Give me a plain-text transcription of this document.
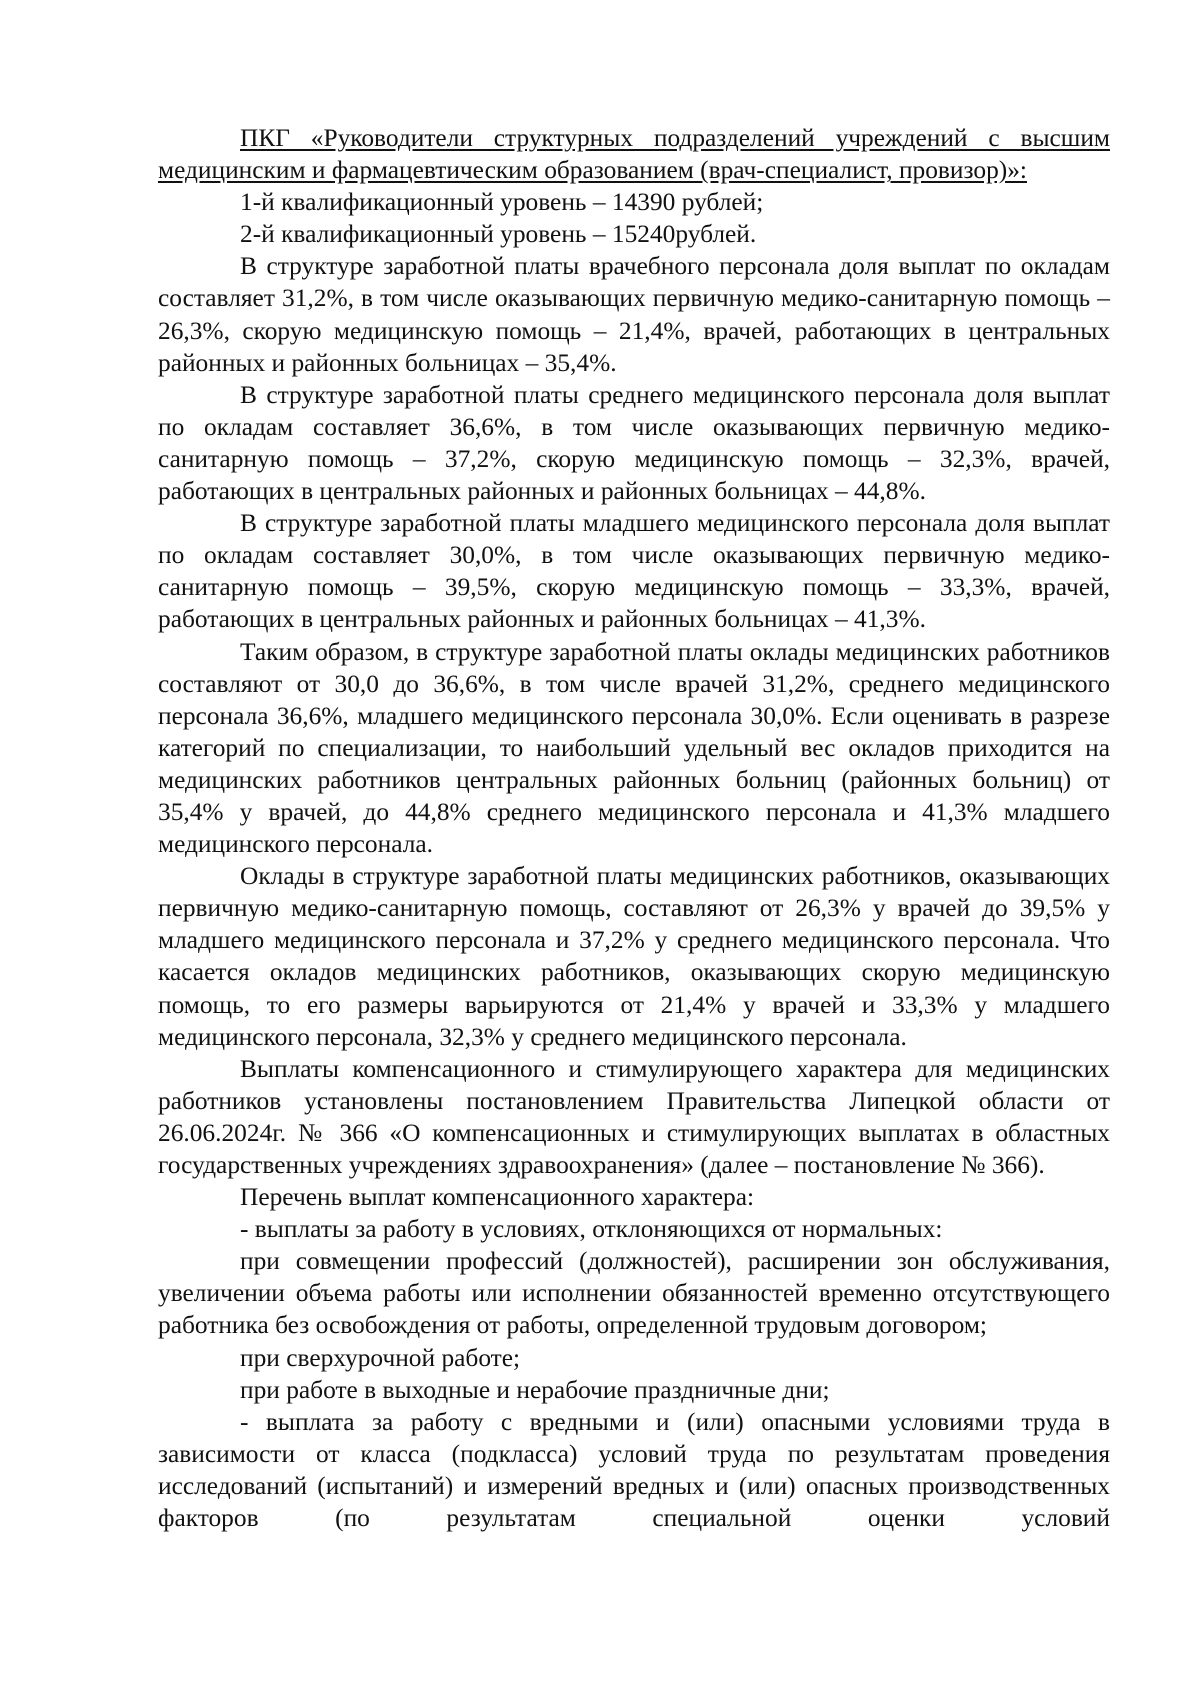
ПКГ «Руководители структурных подразделений учреждений с высшим медицинским и фармацевтическим образованием (врач-специалист, провизор)»:

1-й квалификационный уровень – 14390 рублей;

2-й квалификационный уровень – 15240рублей.

В структуре заработной платы врачебного персонала доля выплат по окладам составляет 31,2%, в том числе оказывающих первичную медико-санитарную помощь – 26,3%, скорую медицинскую помощь – 21,4%, врачей, работающих в центральных районных и районных больницах – 35,4%.

В структуре заработной платы среднего медицинского персонала доля выплат по окладам составляет 36,6%, в том числе оказывающих первичную медико-санитарную помощь – 37,2%, скорую медицинскую помощь – 32,3%, врачей, работающих в центральных районных и районных больницах – 44,8%.

В структуре заработной платы младшего медицинского персонала доля выплат по окладам составляет 30,0%, в том числе оказывающих первичную медико-санитарную помощь – 39,5%, скорую медицинскую помощь – 33,3%, врачей, работающих в центральных районных и районных больницах – 41,3%.

Таким образом, в структуре заработной платы оклады медицинских работников составляют от 30,0 до 36,6%, в том числе врачей 31,2%, среднего медицинского персонала 36,6%, младшего медицинского персонала 30,0%. Если оценивать в разрезе категорий по специализации, то наибольший удельный вес окладов приходится на медицинских работников центральных районных больниц (районных больниц) от 35,4% у врачей, до 44,8% среднего медицинского персонала и 41,3% младшего медицинского персонала.

Оклады в структуре заработной платы медицинских работников, оказывающих первичную медико-санитарную помощь, составляют от 26,3% у врачей до 39,5% у младшего медицинского персонала и 37,2% у среднего медицинского персонала. Что касается окладов медицинских работников, оказывающих скорую медицинскую помощь, то его размеры варьируются от 21,4% у врачей и 33,3% у младшего медицинского персонала, 32,3% у среднего медицинского персонала.

Выплаты компенсационного и стимулирующего характера для медицинских работников установлены постановлением Правительства Липецкой области от 26.06.2024г. № 366 «О компенсационных и стимулирующих выплатах в областных государственных учреждениях здравоохранения» (далее – постановление № 366).

Перечень выплат компенсационного характера:

- выплаты за работу в условиях, отклоняющихся от нормальных:

при совмещении профессий (должностей), расширении зон обслуживания, увеличении объема работы или исполнении обязанностей временно отсутствующего работника без освобождения от работы, определенной трудовым договором;

при сверхурочной работе;

при работе в выходные и нерабочие праздничные дни;

- выплата за работу с вредными и (или) опасными условиями труда в зависимости от класса (подкласса) условий труда по результатам проведения исследований (испытаний) и измерений вредных и (или) опасных производственных факторов (по результатам специальной оценки условий
